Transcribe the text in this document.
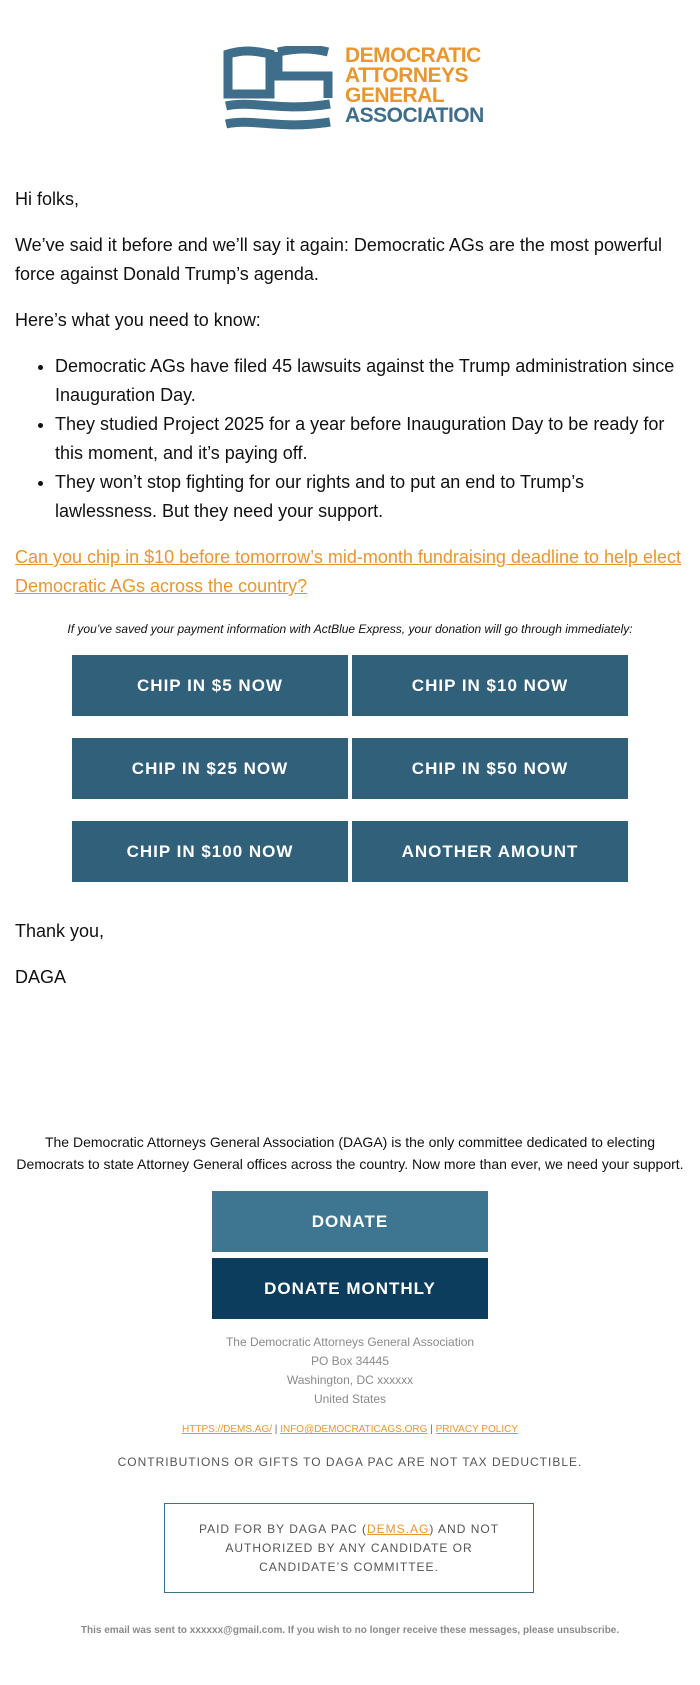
DEMOCRATIC
ATTORNEYS
GENERAL
ASSOCIATION

Hi folks,

We’ve said it before and we’ll say it again: Democratic AGs are the most powerful force against Donald Trump’s agenda.

Here’s what you need to know:

• Democratic AGs have filed 45 lawsuits against the Trump administration since Inauguration Day.
• They studied Project 2025 for a year before Inauguration Day to be ready for this moment, and it’s paying off.
• They won’t stop fighting for our rights and to put an end to Trump’s lawlessness. But they need your support.
Can you chip in $10 before tomorrow’s mid-month fundraising deadline to help elect Democratic AGs across the country?
If you’ve saved your payment information with ActBlue Express, your donation will go through immediately:
CHIP IN $5 NOW	CHIP IN $10 NOW
CHIP IN $25 NOW	CHIP IN $50 NOW
CHIP IN $100 NOW	ANOTHER AMOUNT

Thank you,

DAGA

The Democratic Attorneys General Association (DAGA) is the only committee dedicated to electing Democrats to state Attorney General offices across the country. Now more than ever, we need your support.
DONATE
DONATE MONTHLY
The Democratic Attorneys General Association
PO Box 34445
Washington, DC xxxxxx
United States
HTTPS://DEMS.AG/ | INFO@DEMOCRATICAGS.ORG | PRIVACY POLICY
CONTRIBUTIONS OR GIFTS TO DAGA PAC ARE NOT TAX DEDUCTIBLE.
PAID FOR BY DAGA PAC (DEMS.AG) AND NOT AUTHORIZED BY ANY CANDIDATE OR CANDIDATE’S COMMITTEE.
This email was sent to xxxxxx@gmail.com. If you wish to no longer receive these messages, please unsubscribe.
